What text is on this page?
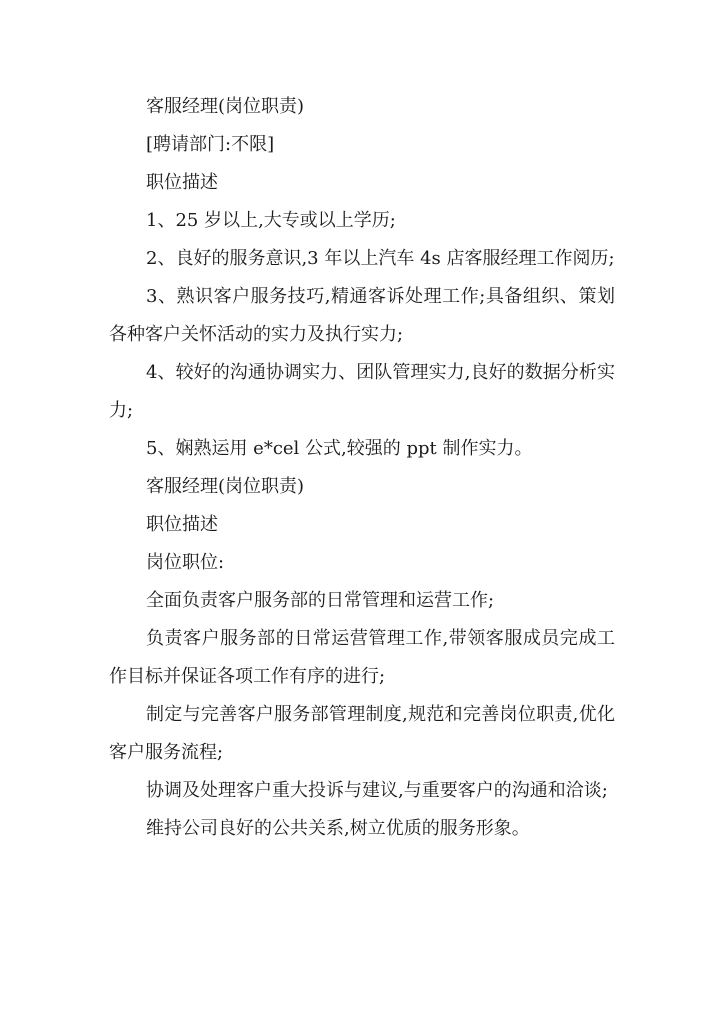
客服经理(岗位职责)

[聘请部门:不限]

职位描述

1、25 岁以上,大专或以上学历;

2、良好的服务意识,3 年以上汽车 4s 店客服经理工作阅历;

3、熟识客户服务技巧,精通客诉处理工作;具备组织、策划各种客户关怀活动的实力及执行实力;

4、较好的沟通协调实力、团队管理实力,良好的数据分析实力;

5、娴熟运用 e*cel 公式,较强的 ppt 制作实力。

客服经理(岗位职责)

职位描述

岗位职位:

全面负责客户服务部的日常管理和运营工作;

负责客户服务部的日常运营管理工作,带领客服成员完成工作目标并保证各项工作有序的进行;

制定与完善客户服务部管理制度,规范和完善岗位职责,优化客户服务流程;

协调及处理客户重大投诉与建议,与重要客户的沟通和洽谈;

维持公司良好的公共关系,树立优质的服务形象。
